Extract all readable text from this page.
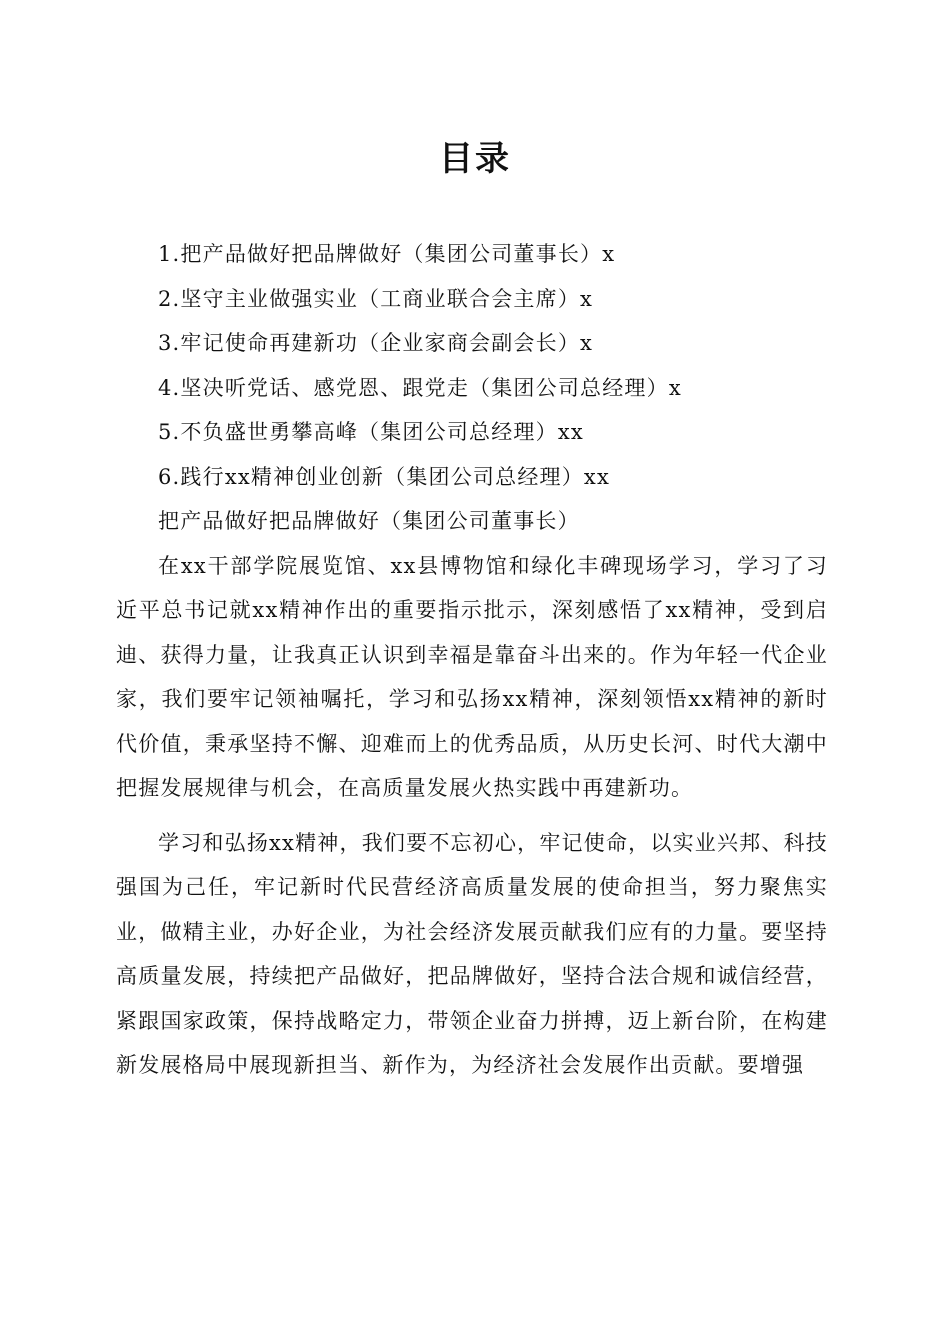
目录
1.把产品做好把品牌做好（集团公司董事长）x
2.坚守主业做强实业（工商业联合会主席）x
3.牢记使命再建新功（企业家商会副会长）x
4.坚决听党话、感党恩、跟党走（集团公司总经理）x
5.不负盛世勇攀高峰（集团公司总经理）xx
6.践行xx精神创业创新（集团公司总经理）xx
把产品做好把品牌做好（集团公司董事长）

在xx干部学院展览馆、xx县博物馆和绿化丰碑现场学习，学习了习近平总书记就xx精神作出的重要指示批示，深刻感悟了xx精神，受到启迪、获得力量，让我真正认识到幸福是靠奋斗出来的。作为年轻一代企业家，我们要牢记领袖嘱托，学习和弘扬xx精神，深刻领悟xx精神的新时代价值，秉承坚持不懈、迎难而上的优秀品质，从历史长河、时代大潮中把握发展规律与机会，在高质量发展火热实践中再建新功。

学习和弘扬xx精神，我们要不忘初心，牢记使命，以实业兴邦、科技强国为己任，牢记新时代民营经济高质量发展的使命担当，努力聚焦实业，做精主业，办好企业，为社会经济发展贡献我们应有的力量。要坚持高质量发展，持续把产品做好，把品牌做好，坚持合法合规和诚信经营，紧跟国家政策，保持战略定力，带领企业奋力拼搏，迈上新台阶，在构建新发展格局中展现新担当、新作为，为经济社会发展作出贡献。要增强
